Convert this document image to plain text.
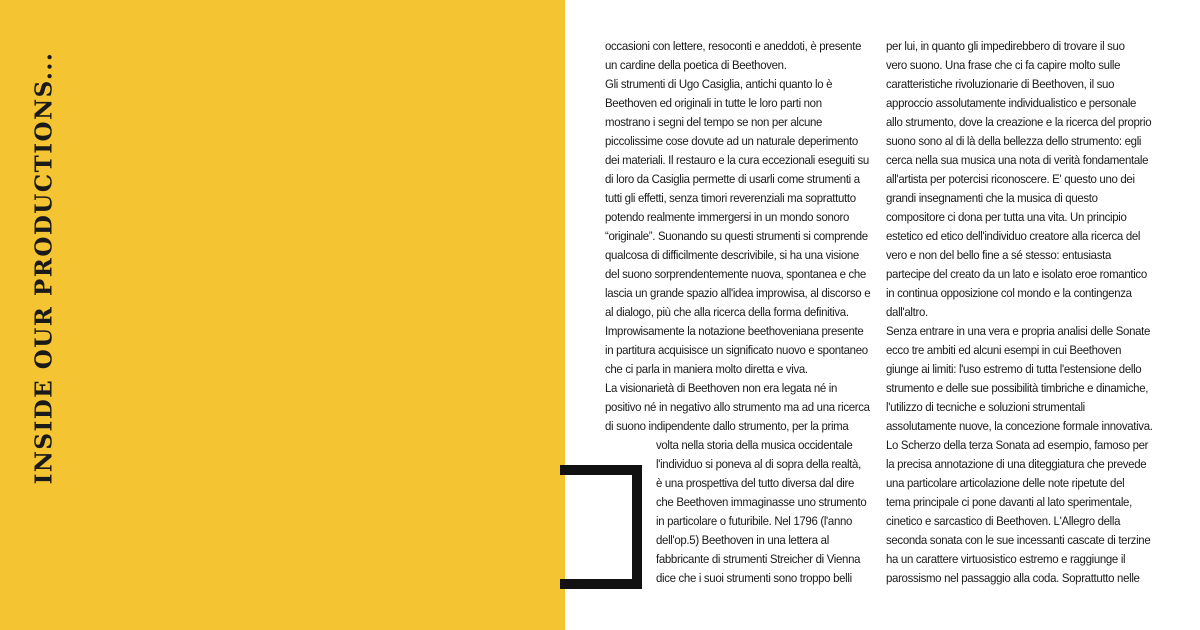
INSIDE OUR PRODUCTIONS...

occasioni con lettere, resoconti e aneddoti, è presente

un cardine della poetica di Beethoven.

Gli strumenti di Ugo Casiglia, antichi quanto lo è

Beethoven ed originali in tutte le loro parti non

mostrano i segni del tempo se non per alcune

piccolissime cose dovute ad un naturale deperimento

dei materiali. Il restauro e la cura eccezionali eseguiti su

di loro da Casiglia permette di usarli come strumenti a

tutti gli effetti, senza timori reverenziali ma soprattutto

potendo realmente immergersi in un mondo sonoro

“originale”. Suonando su questi strumenti si comprende

qualcosa di difficilmente descrivibile, si ha una visione

del suono sorprendentemente nuova, spontanea e che

lascia un grande spazio all'idea improwisa, al discorso e

al dialogo, più che alla ricerca della forma definitiva.

Improwisamente la notazione beethoveniana presente

in partitura acquisisce un significato nuovo e spontaneo

che ci parla in maniera molto diretta e viva.

La visionarietà di Beethoven non era legata né in

positivo né in negativo allo strumento ma ad una ricerca

di suono indipendente dallo strumento, per la prima

volta nella storia della musica occidentale

l'individuo si poneva al di sopra della realtà,

è una prospettiva del tutto diversa dal dire

che Beethoven immaginasse uno strumento

in particolare o futuribile. Nel 1796 (l'anno

dell'op.5) Beethoven in una lettera al

fabbricante di strumenti Streicher di Vienna

dice che i suoi strumenti sono troppo belli

per lui, in quanto gli impedirebbero di trovare il suo

vero suono. Una frase che ci fa capire molto sulle

caratteristiche rivoluzionarie di Beethoven, il suo

approccio assolutamente individualistico e personale

allo strumento, dove la creazione e la ricerca del proprio

suono sono al di là della bellezza dello strumento: egli

cerca nella sua musica una nota di verità fondamentale

all'artista per potercisi riconoscere. E' questo uno dei

grandi insegnamenti che la musica di questo

compositore ci dona per tutta una vita. Un principio

estetico ed etico dell'individuo creatore alla ricerca del

vero e non del bello fine a sé stesso: entusiasta

partecipe del creato da un lato e isolato eroe romantico

in continua opposizione col mondo e la contingenza

dall'altro.

Senza entrare in una vera e propria analisi delle Sonate

ecco tre ambiti ed alcuni esempi in cui Beethoven

giunge ai limiti: l'uso estremo di tutta l'estensione dello

strumento e delle sue possibilità timbriche e dinamiche,

l'utilizzo di tecniche e soluzioni strumentali

assolutamente nuove, la concezione formale innovativa.

Lo Scherzo della terza Sonata ad esempio, famoso per

la precisa annotazione di una diteggiatura che prevede

una particolare articolazione delle note ripetute del

tema principale ci pone davanti al lato sperimentale,

cinetico e sarcastico di Beethoven. L'Allegro della

seconda sonata con le sue incessanti cascate di terzine

ha un carattere virtuosistico estremo e raggiunge il

parossismo nel passaggio alla coda. Soprattutto nelle
